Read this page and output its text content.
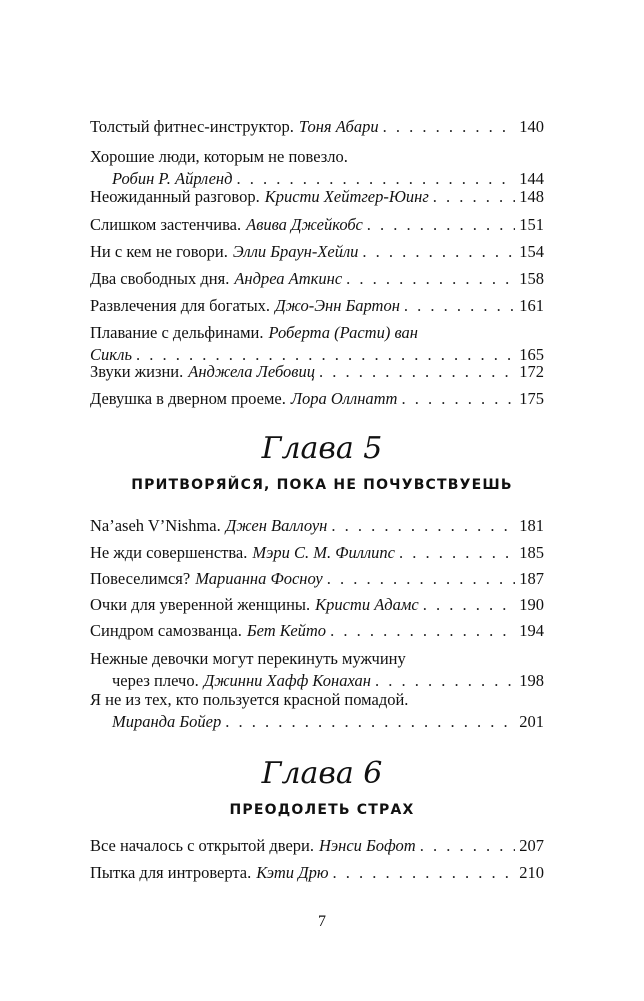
Толстый фитнес-инструктор. Тоня Абари . . .	140
Хорошие люди, которым не повезло.
Робин Р. Айрленд . . .	144
Неожиданный разговор. Кристи Хейтгер-Юинг . . .	148
Слишком застенчива. Авива Джейкобс . . .	151
Ни с кем не говори. Элли Браун-Хейли . . .	154
Два свободных дня. Андреа Аткинс . . .	158
Развлечения для богатых. Джо-Энн Бартон . . .	161
Плавание с дельфинами. Роберта (Расти) ван
Сикль . . .	165
Звуки жизни. Анджела Лебовиц . . .	172
Девушка в дверном проеме. Лора Оллнатт . . .	175
Глава 5
ПРИТВОРЯЙСЯ, ПОКА НЕ ПОЧУВСТВУЕШЬ
Na’aseh V’Nishma. Джен Валлоун . . .	181
Не жди совершенства. Мэри С. М. Филлипс . . .	185
Повеселимся? Марианна Фосноу . . .	187
Очки для уверенной женщины. Кристи Адамс . . .	190
Синдром самозванца. Бет Кейто . . .	194
Нежные девочки могут перекинуть мужчину
через плечо. Джинни Хафф Конахан . . .	198
Я не из тех, кто пользуется красной помадой.
Миранда Бойер . . .	201
Глава 6
ПРЕОДОЛЕТЬ СТРАХ
Все началось с открытой двери. Нэнси Бофот . . .	207
Пытка для интроверта. Кэти Дрю . . .	210
7
